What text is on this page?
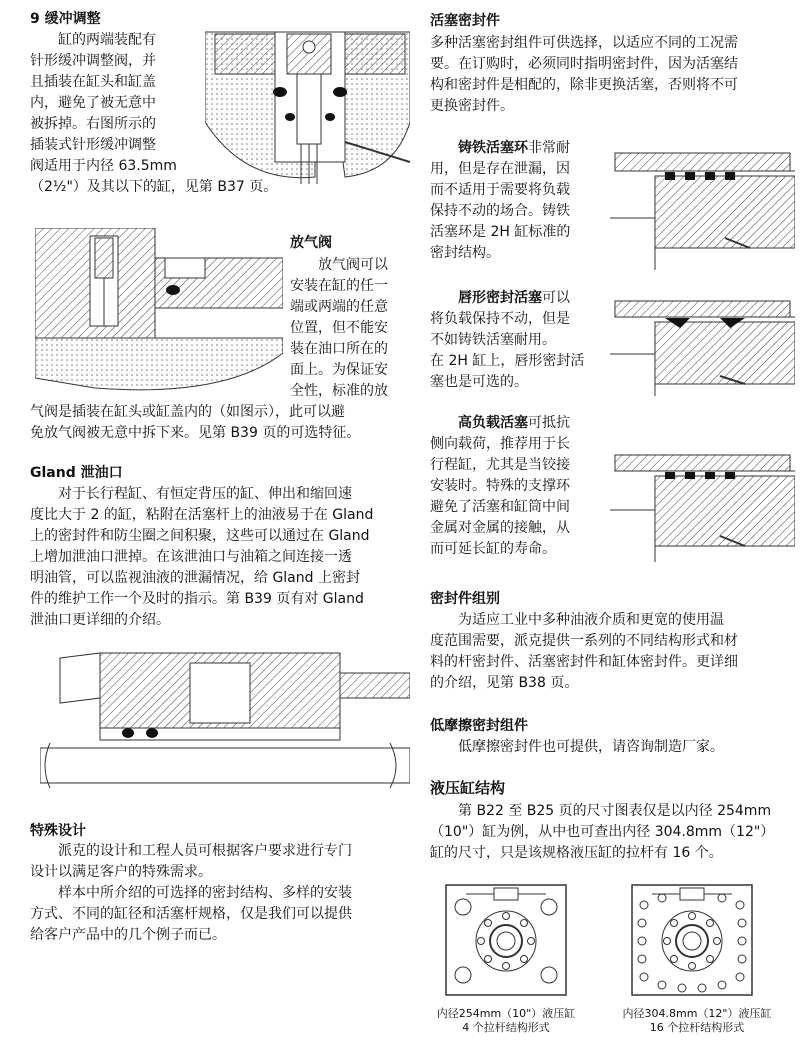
9 缓冲调整

缸的两端装配有

针形缓冲调整阀，并

且插装在缸头和缸盖

内，避免了被无意中

被拆掉。右图所示的

插装式针形缓冲调整

阀适用于内径 63.5mm

（2½"）及其以下的缸，见第 B37 页。

放气阀

放气阀可以

安装在缸的任一

端或两端的任意

位置，但不能安

装在油口所在的

面上。为保证安

全性，标准的放

气阀是插装在缸头或缸盖内的（如图示），此可以避

免放气阀被无意中拆下来。见第 B39 页的可选特征。

Gland 泄油口

对于长行程缸、有恒定背压的缸、伸出和缩回速

度比大于 2 的缸，粘附在活塞杆上的油液易于在 Gland

上的密封件和防尘圈之间积聚，这些可以通过在 Gland

上增加泄油口泄掉。在该泄油口与油箱之间连接一透

明油管，可以监视油液的泄漏情况，给 Gland 上密封

件的维护工作一个及时的指示。第 B39 页有对 Gland

泄油口更详细的介绍。

特殊设计

派克的设计和工程人员可根据客户要求进行专门

设计以满足客户的特殊需求。

样本中所介绍的可选择的密封结构、多样的安装

方式、不同的缸径和活塞杆规格，仅是我们可以提供

给客户产品中的几个例子而已。

活塞密封件

多种活塞密封组件可供选择，以适应不同的工况需

要。在订购时，必须同时指明密封件，因为活塞结

构和密封件是相配的，除非更换活塞，否则将不可

更换密封件。

铸铁活塞环非常耐

用，但是存在泄漏，因

而不适用于需要将负载

保持不动的场合。铸铁

活塞环是 2H 缸标准的

密封结构。

唇形密封活塞可以

将负载保持不动，但是

不如铸铁活塞耐用。

在 2H 缸上，唇形密封活

塞也是可选的。

高负载活塞可抵抗

侧向载荷，推荐用于长

行程缸，尤其是当铰接

安装时。特殊的支撑环

避免了活塞和缸筒中间

金属对金属的接触，从

而可延长缸的寿命。

密封件组别

为适应工业中多种油液介质和更宽的使用温

度范围需要，派克提供一系列的不同结构形式和材

料的杆密封件、活塞密封件和缸体密封件。更详细

的介绍，见第 B38 页。

低摩擦密封组件

低摩擦密封件也可提供，请咨询制造厂家。

液压缸结构

第 B22 至 B25 页的尺寸图表仅是以内径 254mm

（10"）缸为例，从中也可查出内径 304.8mm（12"）

缸的尺寸，只是该规格液压缸的拉杆有 16 个。

内径254mm（10"）液压缸
4 个拉杆结构形式
内径304.8mm（12"）液压缸
16 个拉杆结构形式
